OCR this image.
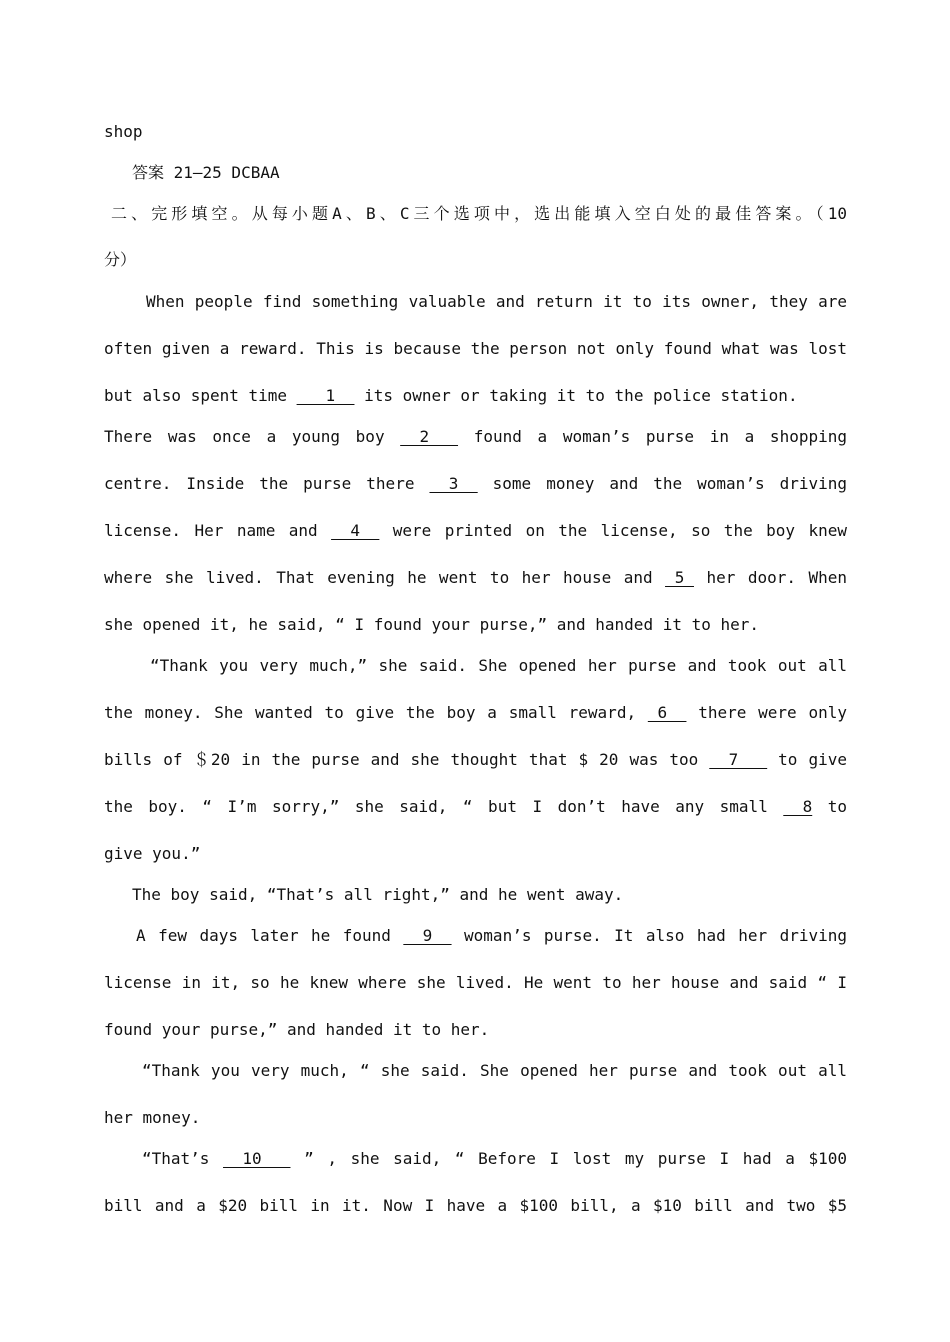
shop
答案 21—25 DCBAA
二、完形填空。从每小题A、B、C三个选项中，选出能填入空白处的最佳答案。（10
分）
When people find something valuable and return it to its owner, they are
often given a reward. This is because the person not only found what was lost
but also spent time ___1__ its owner or taking it to the police station.
There was once a young boy __2___ found a woman’s purse in a shopping
centre. Inside the purse there __3__ some money and the woman’s driving
license. Her name and __4__ were printed on the license, so the boy knew
where she lived. That evening he went to her house and _5_ her door. When
she opened it, he said, “ I found your purse,” and handed it to her.
“Thank you very much,” she said. She opened her purse and took out all
the money. She wanted to give the boy a small reward, _6__ there were only
bills of ＄20 in the purse and she thought that $ 20 was too __7___ to give
the boy. “ I’m sorry,” she said, “ but I don’t have any small __8 to
give you.”
The boy said, “That’s all right,” and he went away.
A few days later he found __9__ woman’s purse. It also had her driving
license in it, so he knew where she lived. He went to her house and said “ I
found your purse,” and handed it to her.
“Thank you very much, “ she said. She opened her purse and took out all
her money.
“That’s __10___ ” , she said, “ Before I lost my purse I had a $100
bill and a $20 bill in it. Now I have a $100 bill, a $10 bill and two $5
